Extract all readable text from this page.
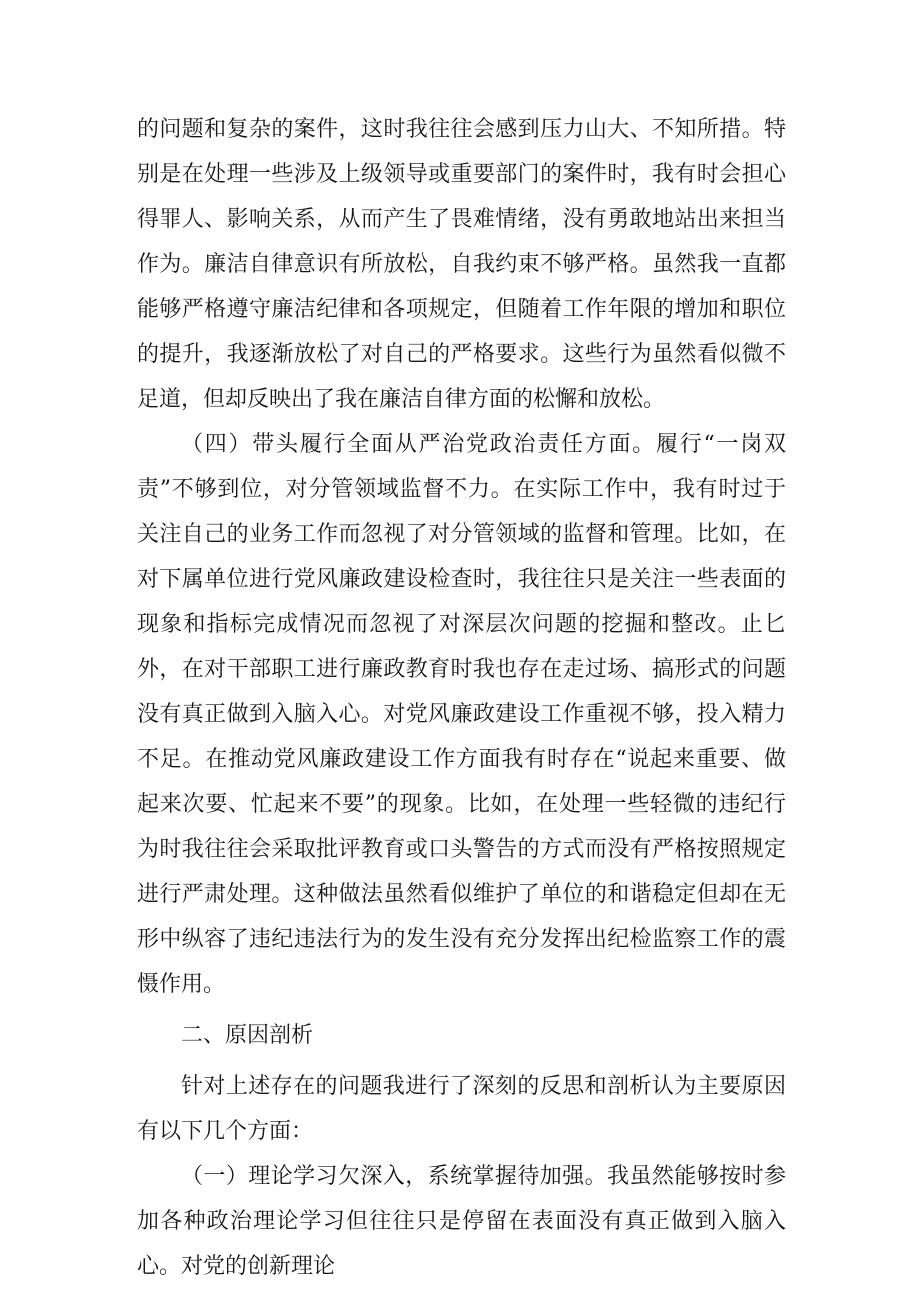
的问题和复杂的案件，这时我往往会感到压力山大、不知所措。特别是在处理一些涉及上级领导或重要部门的案件时，我有时会担心得罪人、影响关系，从而产生了畏难情绪，没有勇敢地站出来担当作为。廉洁自律意识有所放松，自我约束不够严格。虽然我一直都能够严格遵守廉洁纪律和各项规定，但随着工作年限的增加和职位的提升，我逐渐放松了对自己的严格要求。这些行为虽然看似微不足道，但却反映出了我在廉洁自律方面的松懈和放松。

（四）带头履行全面从严治党政治责任方面。履行“一岗双责”不够到位，对分管领域监督不力。在实际工作中，我有时过于关注自己的业务工作而忽视了对分管领域的监督和管理。比如，在对下属单位进行党风廉政建设检查时，我往往只是关注一些表面的现象和指标完成情况而忽视了对深层次问题的挖掘和整改。止匕外，在对干部职工进行廉政教育时我也存在走过场、搞形式的问题没有真正做到入脑入心。对党风廉政建设工作重视不够，投入精力不足。在推动党风廉政建设工作方面我有时存在“说起来重要、做起来次要、忙起来不要”的现象。比如，在处理一些轻微的违纪行为时我往往会采取批评教育或口头警告的方式而没有严格按照规定进行严肃处理。这种做法虽然看似维护了单位的和谐稳定但却在无形中纵容了违纪违法行为的发生没有充分发挥出纪检监察工作的震慑作用。

二、原因剖析

针对上述存在的问题我进行了深刻的反思和剖析认为主要原因有以下几个方面：

（一）理论学习欠深入，系统掌握待加强。我虽然能够按时参加各种政治理论学习但往往只是停留在表面没有真正做到入脑入心。对党的创新理论
